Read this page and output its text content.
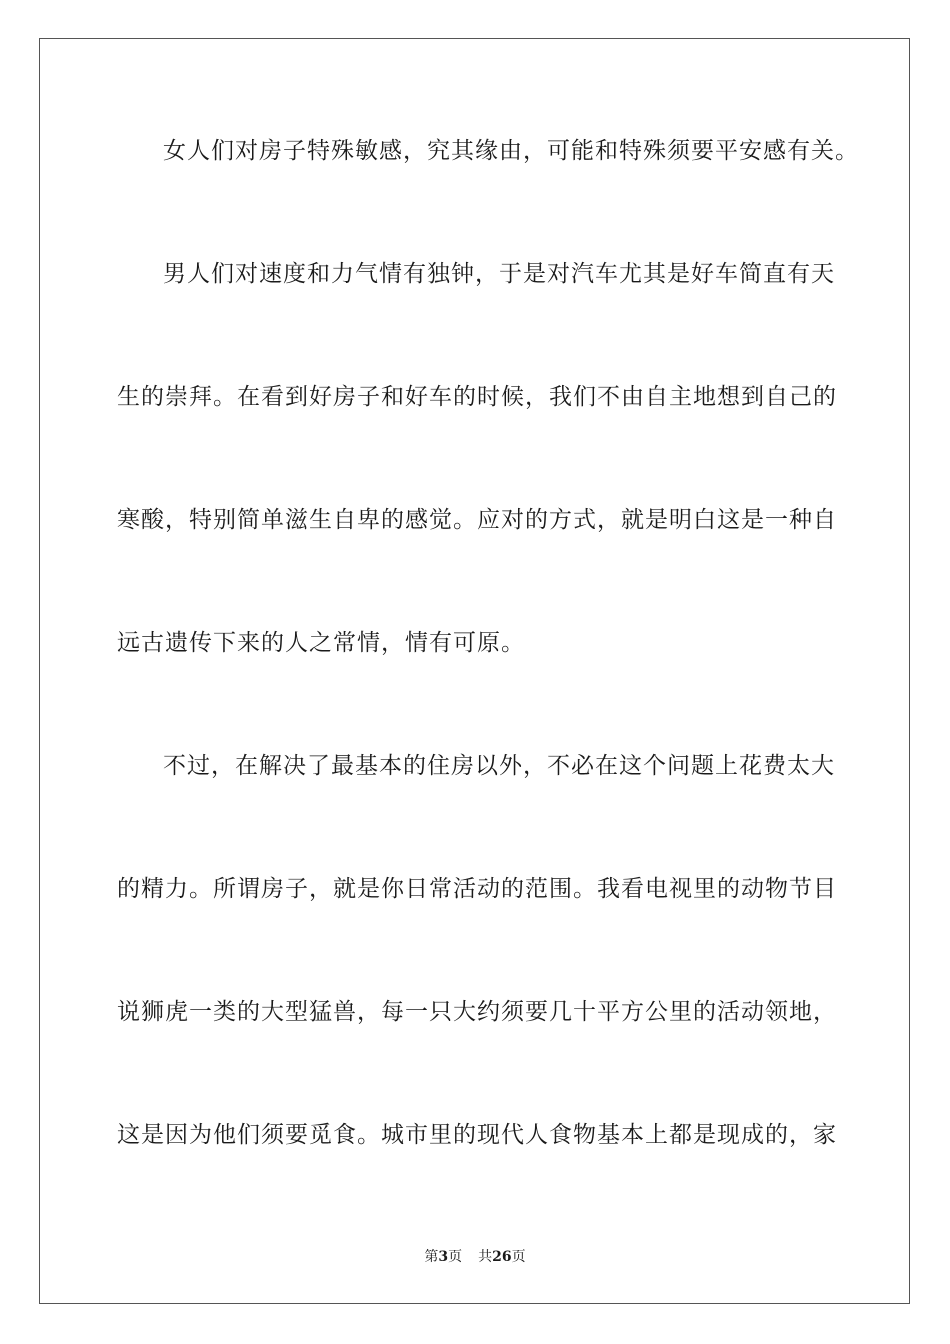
女人们对房子特殊敏感，究其缘由，可能和特殊须要平安感有关。
男人们对速度和力气情有独钟，于是对汽车尤其是好车简直有天
生的崇拜。在看到好房子和好车的时候，我们不由自主地想到自己的
寒酸，特别简单滋生自卑的感觉。应对的方式，就是明白这是一种自
远古遗传下来的人之常情，情有可原。
不过，在解决了最基本的住房以外，不必在这个问题上花费太大
的精力。所谓房子，就是你日常活动的范围。我看电视里的动物节目
说狮虎一类的大型猛兽，每一只大约须要几十平方公里的活动领地，
这是因为他们须要觅食。城市里的现代人食物基本上都是现成的，家
第3页 共26页
